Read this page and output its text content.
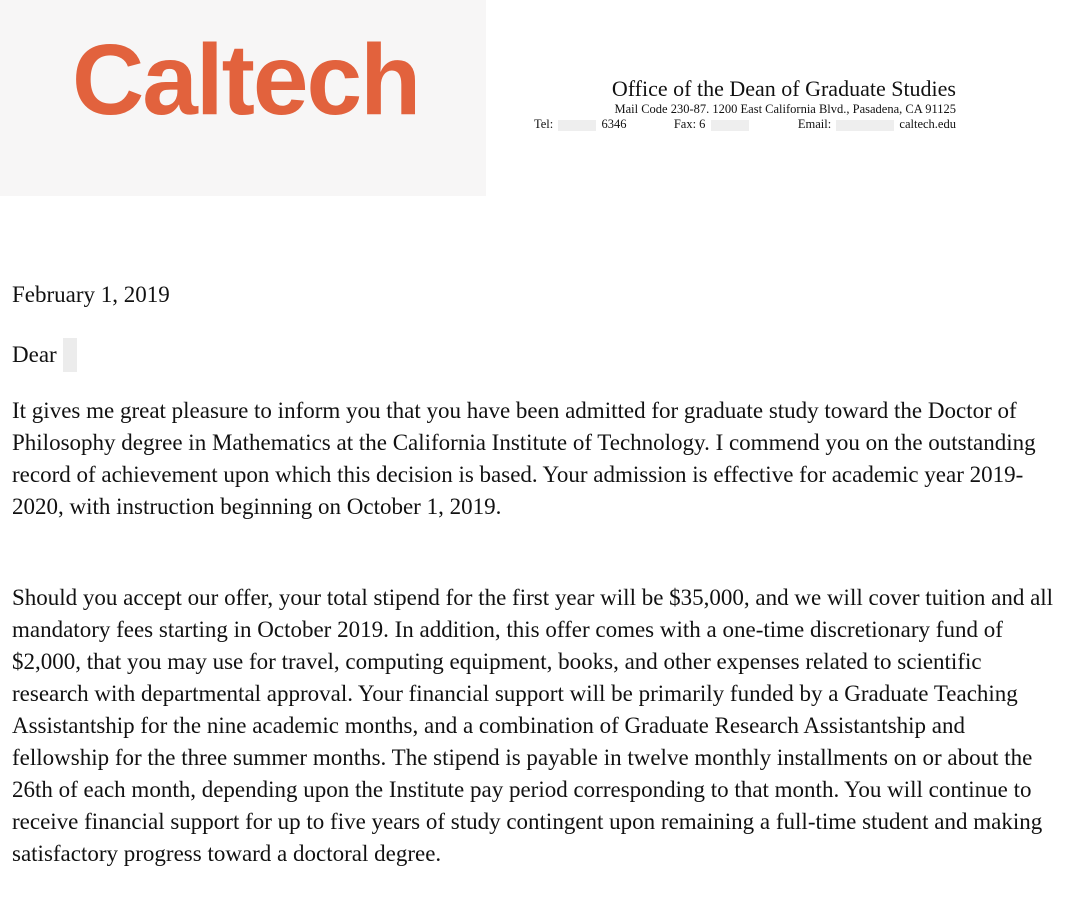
Caltech	Office of the Dean of Graduate Studies

Mail Code 230-87. 1200 East California Blvd., Pasadena, CA 91125

Tel:	6346	Fax: 6	Email:	caltech.edu

February 1, 2019

Dear

It gives me great pleasure to inform you that you have been admitted for graduate study toward the Doctor of Philosophy degree in Mathematics at the California Institute of Technology. I commend you on the outstanding record of achievement upon which this decision is based. Your admission is effective for academic year 2019-2020, with instruction beginning on October 1, 2019.

Should you accept our offer, your total stipend for the first year will be $35,000, and we will cover tuition and all mandatory fees starting in October 2019. In addition, this offer comes with a one-time discretionary fund of $2,000, that you may use for travel, computing equipment, books, and other expenses related to scientific research with departmental approval. Your financial support will be primarily funded by a Graduate Teaching Assistantship for the nine academic months, and a combination of Graduate Research Assistantship and fellowship for the three summer months. The stipend is payable in twelve monthly installments on or about the 26th of each month, depending upon the Institute pay period corresponding to that month. You will continue to receive financial support for up to five years of study contingent upon remaining a full-time student and making satisfactory progress toward a doctoral degree.
